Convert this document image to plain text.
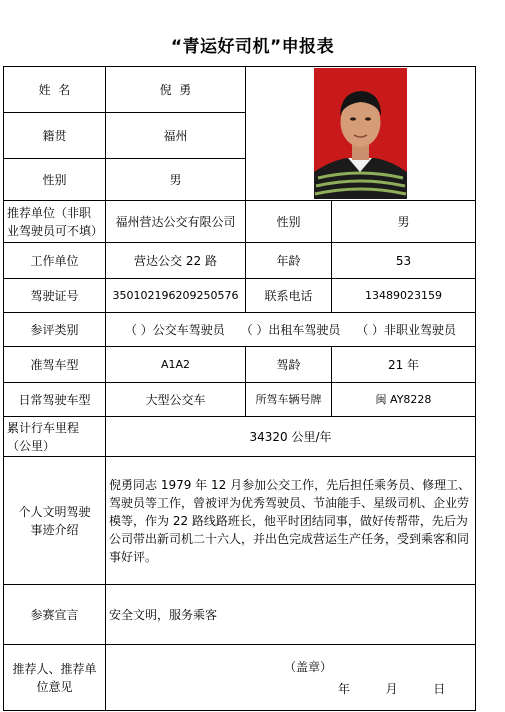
“青运好司机”申报表
姓  名	倪  勇	

籍贯	福州		
性别	男		
推荐单位（非职业驾驶员可不填）	福州营达公交有限公司	性别	男
工作单位	营达公交 22 路	年龄	53
驾驶证号	350102196209250576	联系电话	13489023159
参评类别	（ ）公交车驾驶员 （ ）出租车驾驶员 （ ）非职业驾驶员		
准驾车型	A1A2	驾龄	21 年
日常驾驶车型	大型公交车	所驾车辆号牌	闽 AY8228
累计行车里程（公里）	34320 公里/年		
个人文明驾驶事迹介绍	倪勇同志 1979 年 12 月参加公交工作，先后担任乘务员、修理工、驾驶员等工作，曾被评为优秀驾驶员、节油能手、星级司机、企业劳模等，作为 22 路线路班长，他平时团结同事，做好传帮带，先后为公司带出新司机二十六人，并出色完成营运生产任务，受到乘客和同事好评。		
参赛宣言	安全文明，服务乘客		
推荐人、推荐单位意见	（盖章）
年  月  日		
